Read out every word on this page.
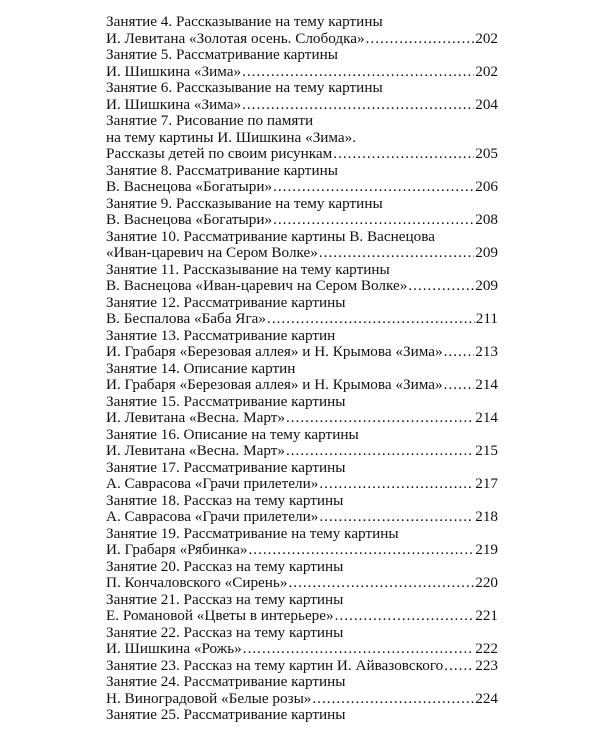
Занятие 4. Рассказывание на тему картины
И. Левитана «Золотая осень. Слободка» .....	202
Занятие 5. Рассматривание картины
И. Шишкина «Зима» .....	202
Занятие 6. Рассказывание на тему картины
И. Шишкина «Зима» .....	204
Занятие 7. Рисование по памяти
на тему картины И. Шишкина «Зима».
Рассказы детей по своим рисункам .....	205
Занятие 8. Рассматривание картины
В. Васнецова «Богатыри» .....	206
Занятие 9. Рассказывание на тему картины
В. Васнецова «Богатыри» .....	208
Занятие 10. Рассматривание картины В. Васнецова
«Иван-царевич на Сером Волке» .....	209
Занятие 11. Рассказывание на тему картины
В. Васнецова «Иван-царевич на Сером Волке» .....	209
Занятие 12. Рассматривание картины
В. Беспалова «Баба Яга» .....	211
Занятие 13. Рассматривание картин
И. Грабаря «Березовая аллея» и Н. Крымова «Зима» ..... 213
Занятие 14. Описание картин
И. Грабаря «Березовая аллея» и Н. Крымова «Зима» ..... 214
Занятие 15. Рассматривание картины
И. Левитана «Весна. Март» .....	214
Занятие 16. Описание на тему картины
И. Левитана «Весна. Март» .....	215
Занятие 17. Рассматривание картины
А. Саврасова «Грачи прилетели» .....	217
Занятие 18. Рассказ на тему картины
А. Саврасова «Грачи прилетели» .....	218
Занятие 19. Рассматривание на тему картины
И. Грабаря «Рябинка» .....	219
Занятие 20. Рассказ на тему картины
П. Кончаловского «Сирень» .....	220
Занятие 21. Рассказ на тему картины
Е. Романовой «Цветы в интерьере» .....	221
Занятие 22. Рассказ на тему картины
И. Шишкина «Рожь» .....	222
Занятие 23. Рассказ на тему картин И. Айвазовского ..... 223
Занятие 24. Рассматривание картины
Н. Виноградовой «Белые розы» .....	224
Занятие 25. Рассматривание картины
